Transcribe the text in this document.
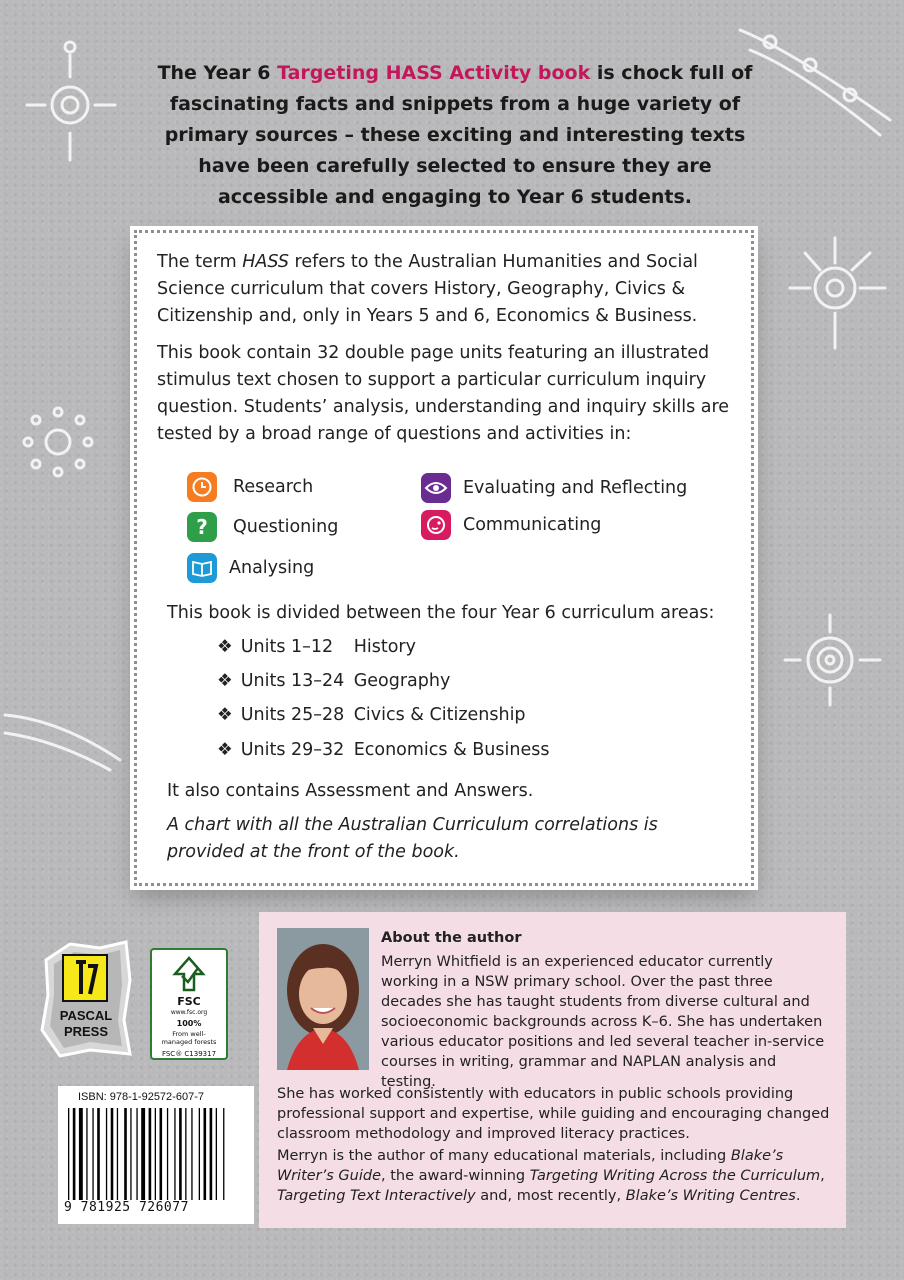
The Year 6 Targeting HASS Activity book is chock full of fascinating facts and snippets from a huge variety of primary sources – these exciting and interesting texts have been carefully selected to ensure they are accessible and engaging to Year 6 students.

The term HASS refers to the Australian Humanities and Social Science curriculum that covers History, Geography, Civics & Citizenship and, only in Years 5 and 6, Economics & Business.

This book contain 32 double page units featuring an illustrated stimulus text chosen to support a particular curriculum inquiry question. Students’ analysis, understanding and inquiry skills are tested by a broad range of questions and activities in:

Research
?	Questioning
Analysing
Evaluating and Reflecting
Communicating

This book is divided between the four Year 6 curriculum areas:

❖ Units 1–12 History
❖ Units 13–24 Geography
❖ Units 25–28 Civics & Citizenship
❖ Units 29–32 Economics & Business

It also contains Assessment and Answers.

A chart with all the Australian Curriculum correlations is provided at the front of the book.

PASCAL
PRESS
FSC
www.fsc.org
100%
From well-
managed forests
FSC® C139317
ISBN: 978-1-92572-607-7
9 781925 726077
About the author

Merryn Whitfield is an experienced educator currently working in a NSW primary school. Over the past three decades she has taught students from diverse cultural and socioeconomic backgrounds across K–6. She has undertaken various educator positions and led several teacher in-service courses in writing, grammar and NAPLAN analysis and testing.

She has worked consistently with educators in public schools providing professional support and expertise, while guiding and encouraging changed classroom methodology and improved literacy practices.

Merryn is the author of many educational materials, including Blake’s Writer’s Guide, the award-winning Targeting Writing Across the Curriculum, Targeting Text Interactively and, most recently, Blake’s Writing Centres.
